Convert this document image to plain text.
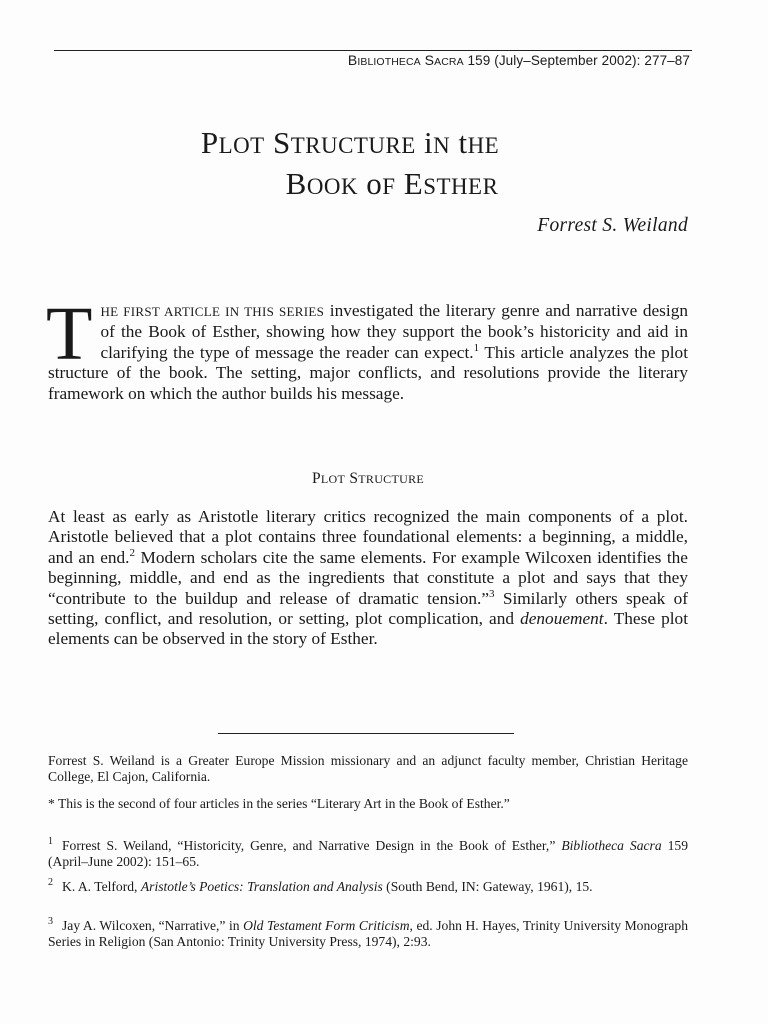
BIBLIOTHECA SACRA 159 (July–September 2002): 277–87
PLOT STRUCTURE iN tHE
BOOK oF ESTHER
Forrest S. Weiland

THE FIRST ARTICLE IN THIS SERIES investigated the literary genre and narrative design of the Book of Esther, showing how they support the book’s historicity and aid in clarifying the type of message the reader can expect.$^1$ This article analyzes the plot structure of the book. The setting, major conflicts, and resolutions provide the literary framework on which the author builds his message.

PLOT STRUCTURE

At least as early as Aristotle literary critics recognized the main components of a plot. Aristotle believed that a plot contains three foundational elements: a beginning, a middle, and an end.$^2$ Modern scholars cite the same elements. For example Wilcoxen identifies the beginning, middle, and end as the ingredients that constitute a plot and says that they “contribute to the buildup and release of dramatic tension.”$^3$ Similarly others speak of setting, conflict, and resolution, or setting, plot complication, and denouement. These plot elements can be observed in the story of Esther.

Forrest S. Weiland is a Greater Europe Mission missionary and an adjunct faculty member, Christian Heritage College, El Cajon, California.

* This is the second of four articles in the series “Literary Art in the Book of Esther.”

$^1$ Forrest S. Weiland, “Historicity, Genre, and Narrative Design in the Book of Esther,” Bibliotheca Sacra 159 (April–June 2002): 151–65.

$^2$ K. A. Telford, Aristotle’s Poetics: Translation and Analysis (South Bend, IN: Gateway, 1961), 15.

$^3$ Jay A. Wilcoxen, “Narrative,” in Old Testament Form Criticism, ed. John H. Hayes, Trinity University Monograph Series in Religion (San Antonio: Trinity University Press, 1974), 2:93.
